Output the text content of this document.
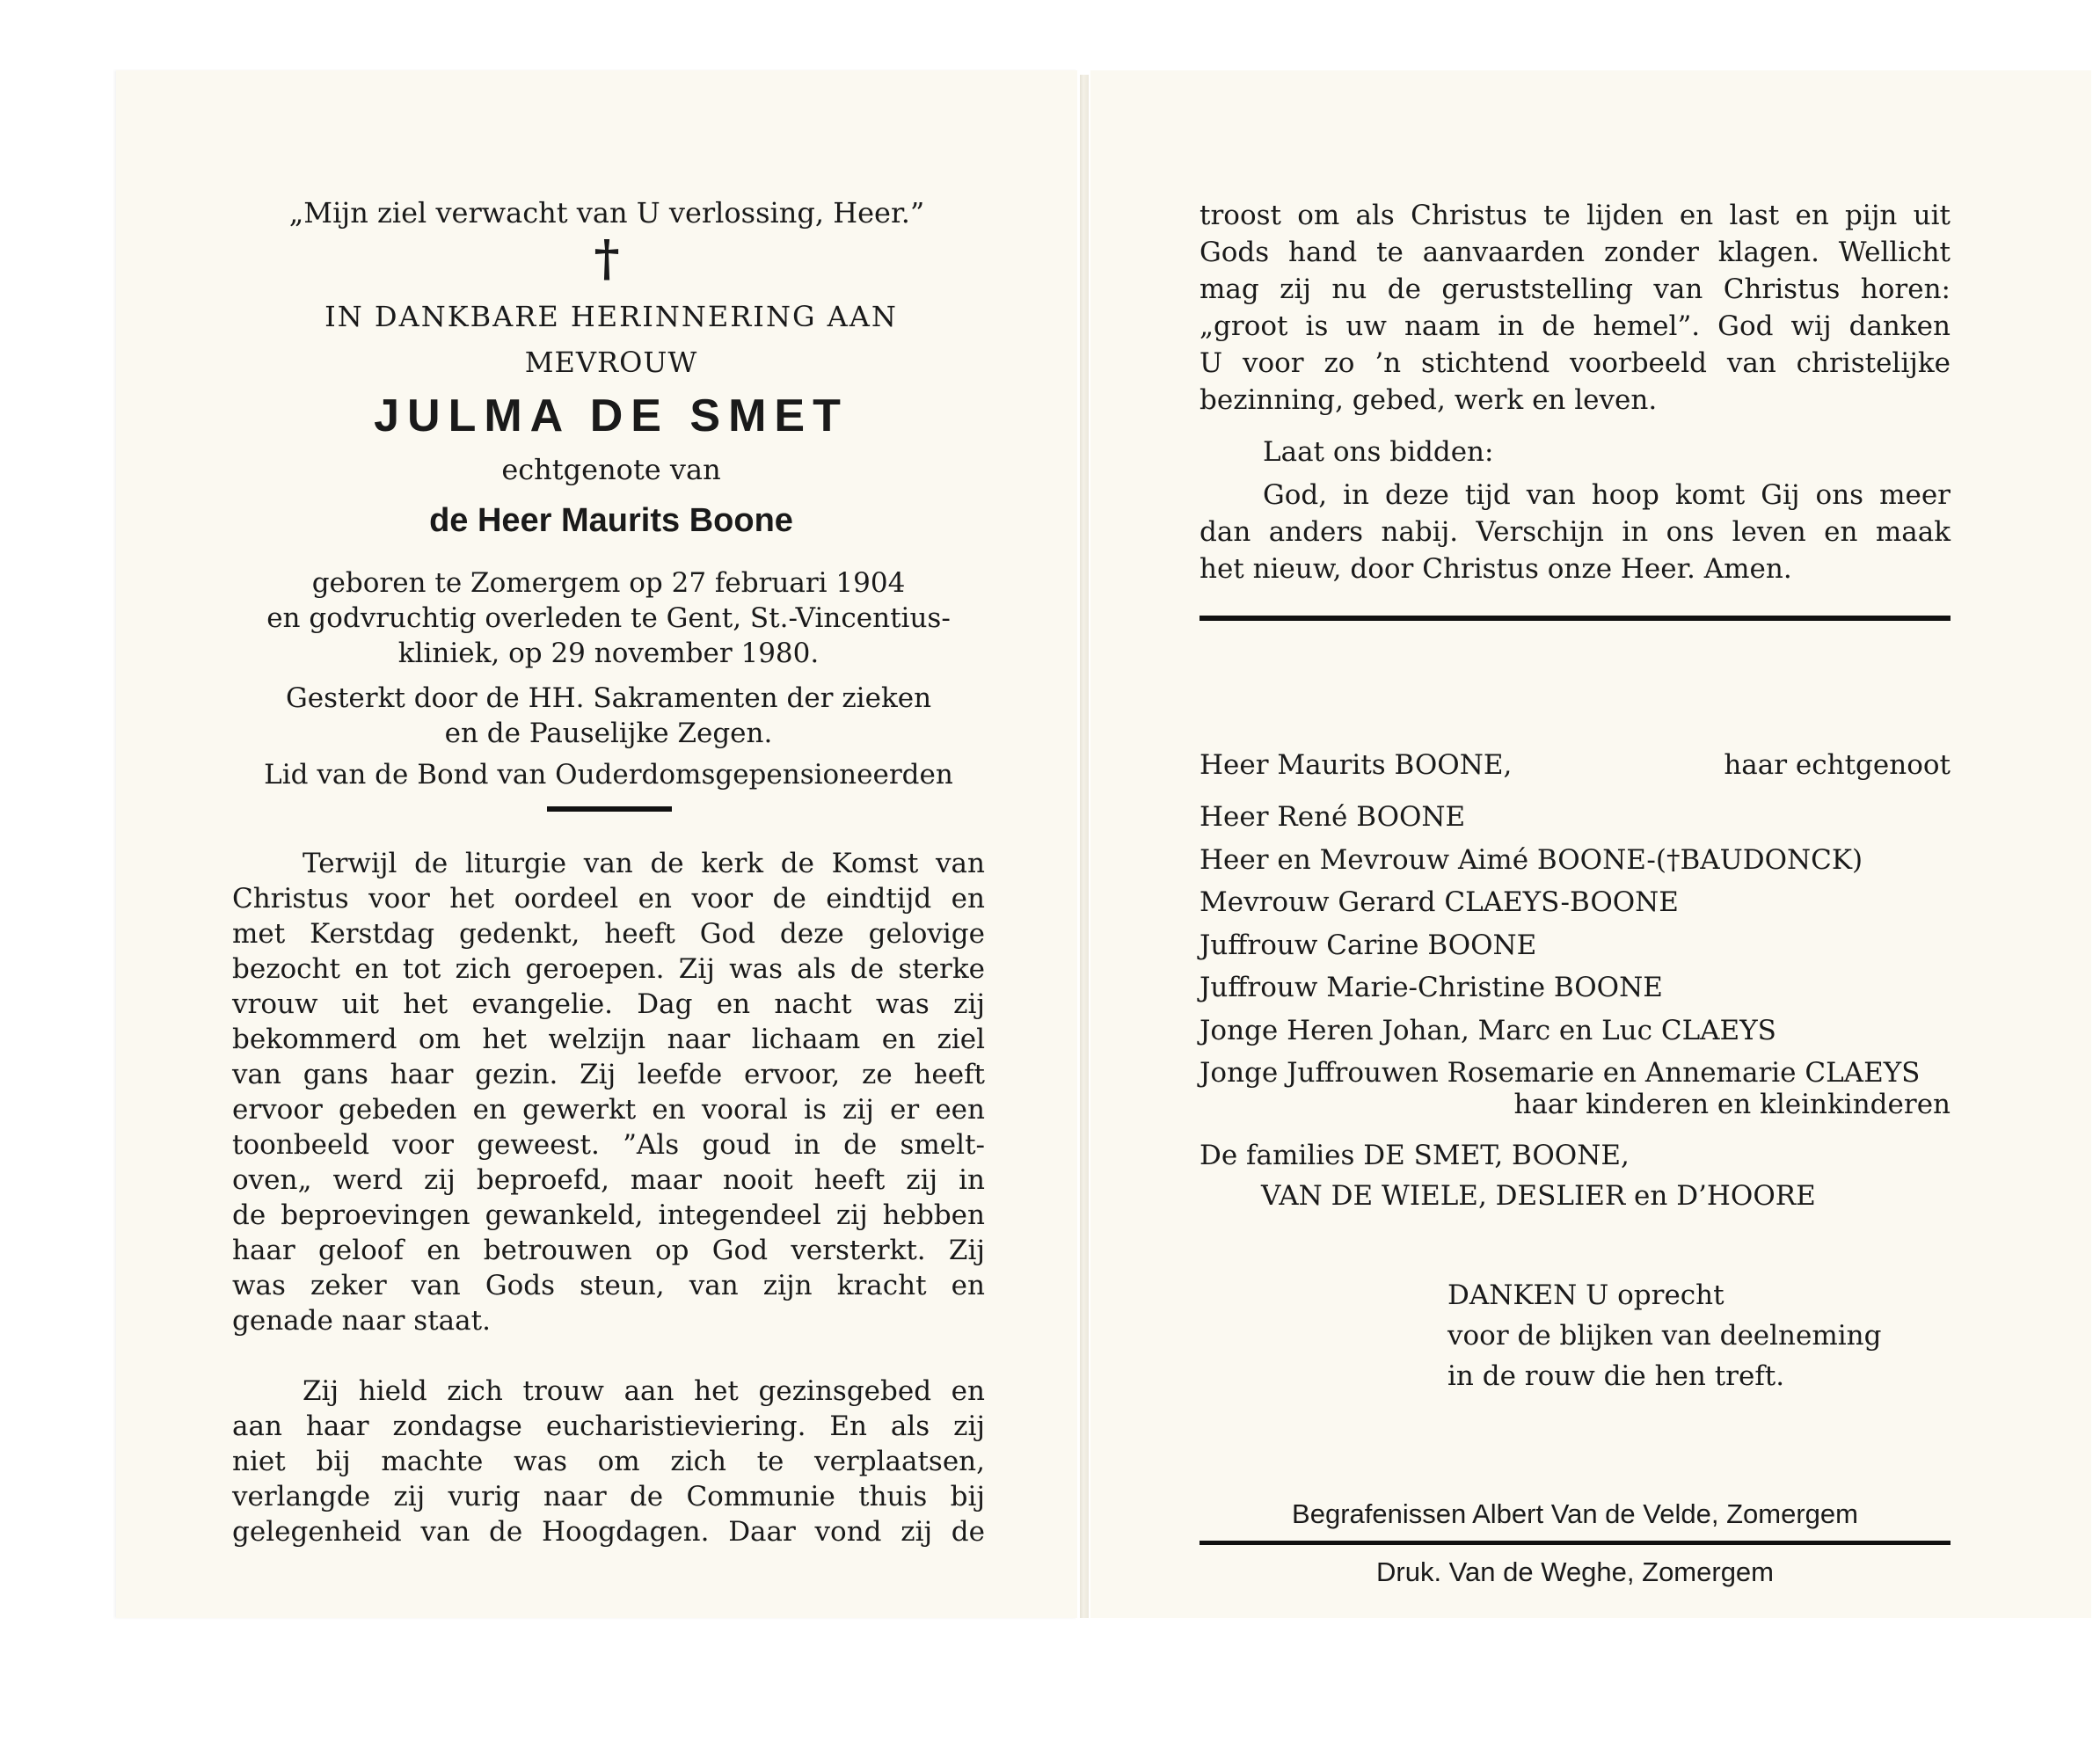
„Mijn ziel verwacht van U verlossing, Heer.”
†
IN DANKBARE HERINNERING AAN
MEVROUW
JULMA DE SMET
echtgenote van
de Heer Maurits Boone
geboren te Zomergem op 27 februari 1904
en godvruchtig overleden te Gent, St.-Vincentius-
kliniek, op 29 november 1980.
Gesterkt door de HH. Sakramenten der zieken
en de Pauselijke Zegen.
Lid van de Bond van Ouderdomsgepensioneerden
Terwijl de liturgie van de kerk de Komst van
Christus voor het oordeel en voor de eindtijd en
met Kerstdag gedenkt, heeft God deze gelovige
bezocht en tot zich geroepen. Zij was als de sterke
vrouw uit het evangelie. Dag en nacht was zij
bekommerd om het welzijn naar lichaam en ziel
van gans haar gezin. Zij leefde ervoor, ze heeft
ervoor gebeden en gewerkt en vooral is zij er een
toonbeeld voor geweest. ”Als goud in de smelt-
oven„ werd zij beproefd, maar nooit heeft zij in
de beproevingen gewankeld, integendeel zij hebben
haar geloof en betrouwen op God versterkt. Zij
was zeker van Gods steun, van zijn kracht en
genade naar staat.
Zij hield zich trouw aan het gezinsgebed en
aan haar zondagse eucharistieviering. En als zij
niet bij machte was om zich te verplaatsen,
verlangde zij vurig naar de Communie thuis bij
gelegenheid van de Hoogdagen. Daar vond zij de
troost om als Christus te lijden en last en pijn uit
Gods hand te aanvaarden zonder klagen. Wellicht
mag zij nu de geruststelling van Christus horen:
„groot is uw naam in de hemel”. God wij danken
U voor zo ’n stichtend voorbeeld van christelijke
bezinning, gebed, werk en leven.
Laat ons bidden:
God, in deze tijd van hoop komt Gij ons meer
dan anders nabij. Verschijn in ons leven en maak
het nieuw, door Christus onze Heer. Amen.
Heer Maurits BOONE,	haar echtgenoot
Heer René BOONE
Heer en Mevrouw Aimé BOONE-(†BAUDONCK)
Mevrouw Gerard CLAEYS-BOONE
Juffrouw Carine BOONE
Juffrouw Marie-Christine BOONE
Jonge Heren Johan, Marc en Luc CLAEYS
Jonge Juffrouwen Rosemarie en Annemarie CLAEYS
haar kinderen en kleinkinderen
De families DE SMET, BOONE,
VAN DE WIELE, DESLIER en D’HOORE
DANKEN U oprecht
voor de blijken van deelneming
in de rouw die hen treft.
Begrafenissen Albert Van de Velde, Zomergem
Druk. Van de Weghe, Zomergem
